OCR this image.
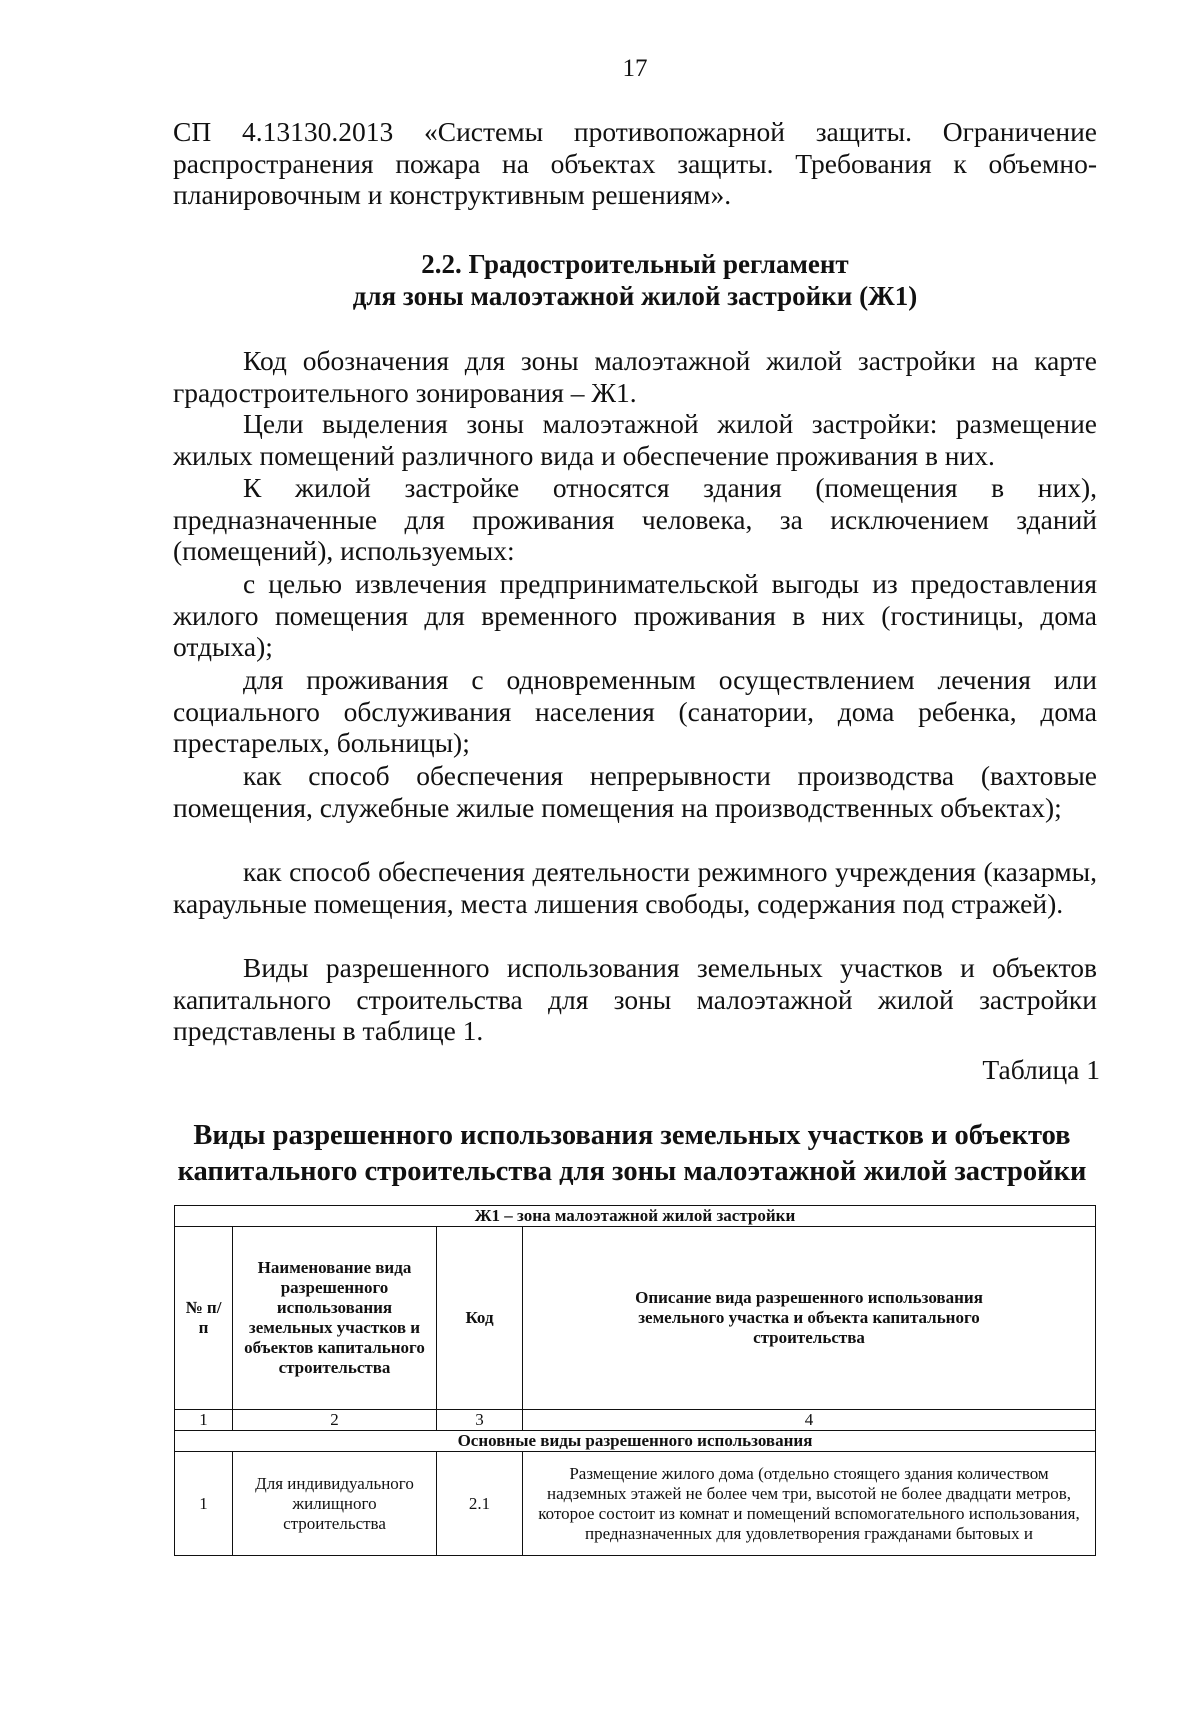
17
СП 4.13130.2013 «Системы противопожарной защиты. Ограничение распространения пожара на объектах защиты. Требования к объемно-планировочным и конструктивным решениям».
2.2. Градостроительный регламент
для зоны малоэтажной жилой застройки (Ж1)
Код обозначения для зоны малоэтажной жилой застройки на карте градостроительного зонирования – Ж1.
Цели выделения зоны малоэтажной жилой застройки: размещение жилых помещений различного вида и обеспечение проживания в них.
К жилой застройке относятся здания (помещения в них), предназначенные для проживания человека, за исключением зданий (помещений), используемых:
с целью извлечения предпринимательской выгоды из предоставления жилого помещения для временного проживания в них (гостиницы, дома отдыха);
для проживания с одновременным осуществлением лечения или социального обслуживания населения (санатории, дома ребенка, дома престарелых, больницы);
как способ обеспечения непрерывности производства (вахтовые помещения, служебные жилые помещения на производственных объектах);
как способ обеспечения деятельности режимного учреждения (казармы, караульные помещения, места лишения свободы, содержания под стражей).
Виды разрешенного использования земельных участков и объектов капитального строительства для зоны малоэтажной жилой застройки представлены в таблице 1.
Таблица 1
Виды разрешенного использования земельных участков и объектов
капитального строительства для зоны малоэтажной жилой застройки
Ж1 – зона малоэтажной жилой застройки			
№ п/п	Наименование вида разрешенного использования земельных участков и объектов капитального строительства	Код	Описание вида разрешенного использования земельного участка и объекта капитального строительства
1	2	3	4
Основные виды разрешенного использования			
1	Для индивидуального жилищного строительства	2.1	Размещение жилого дома (отдельно стоящего здания количеством надземных этажей не более чем три, высотой не более двадцати метров, которое состоит из комнат и помещений вспомогательного использования, предназначенных для удовлетворения гражданами бытовых и
